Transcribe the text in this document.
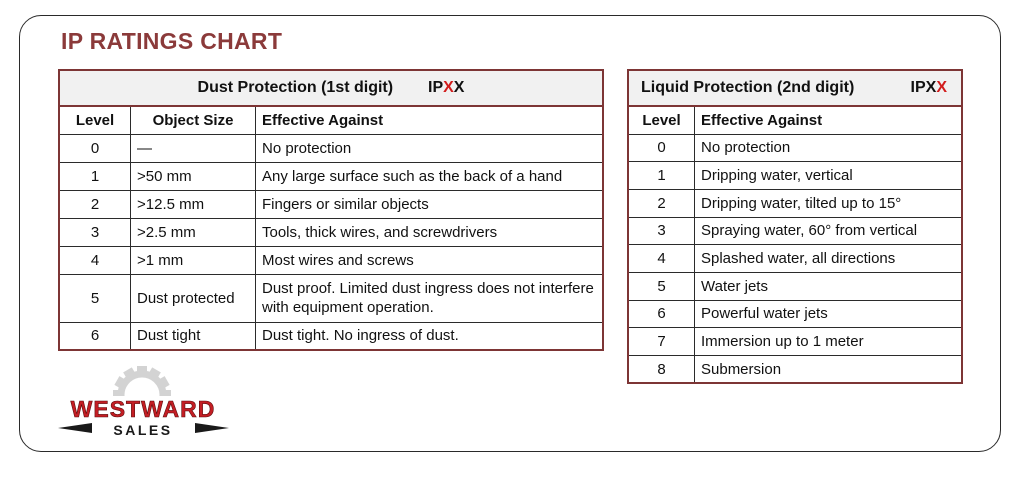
IP RATINGS CHART
Dust Protection (1st digit) IPXX		
Level	Object Size	Effective Against
0	—	No protection
1	>50 mm	Any large surface such as the back of a hand
2	>12.5 mm	Fingers or similar objects
3	>2.5 mm	Tools, thick wires, and screwdrivers
4	>1 mm	Most wires and screws
5	Dust protected	Dust proof. Limited dust ingress does not interfere with equipment operation.
6	Dust tight	Dust tight. No ingress of dust.
Liquid Protection (2nd digit) IPXX	

Level	Effective Against
0	No protection
1	Dripping water, vertical
2	Dripping water, tilted up to 15°
3	Spraying water, 60° from vertical
4	Splashed water, all directions
5	Water jets
6	Powerful water jets
7	Immersion up to 1 meter
8	Submersion
WESTWARD
SALES
